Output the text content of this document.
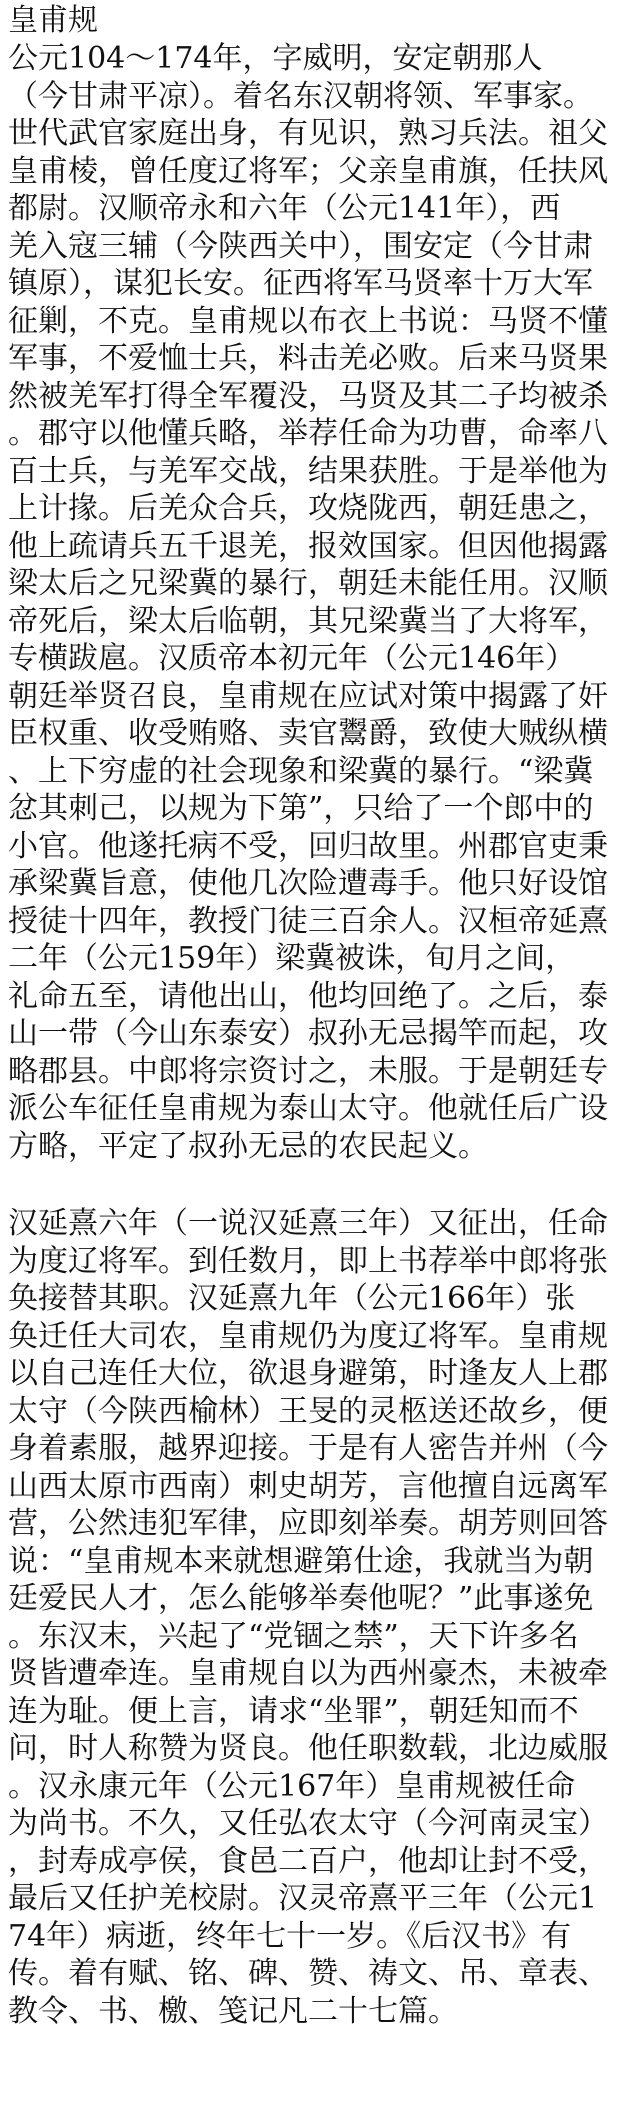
皇甫规
公元104～174年，字威明，安定朝那人
（今甘肃平凉）。着名东汉朝将领、军事家。
世代武官家庭出身，有见识，熟习兵法。祖父
皇甫棱，曾任度辽将军；父亲皇甫旗，任扶风
都尉。汉顺帝永和六年（公元141年），西
羌入寇三辅（今陕西关中），围安定（今甘肃
镇原），谋犯长安。征西将军马贤率十万大军
征剿，不克。皇甫规以布衣上书说：马贤不懂
军事，不爱恤士兵，料击羌必败。后来马贤果
然被羌军打得全军覆没，马贤及其二子均被杀
。郡守以他懂兵略，举荐任命为功曹，命率八
百士兵，与羌军交战，结果获胜。于是举他为
上计掾。后羌众合兵，攻烧陇西，朝廷患之，
他上疏请兵五千退羌，报效国家。但因他揭露
梁太后之兄梁冀的暴行，朝廷未能任用。汉顺
帝死后，梁太后临朝，其兄梁冀当了大将军，
专横跋扈。汉质帝本初元年（公元146年）
朝廷举贤召良，皇甫规在应试对策中揭露了奸
臣权重、收受贿赂、卖官鬻爵，致使大贼纵横
、上下穷虚的社会现象和梁冀的暴行。“梁冀
忿其刺己，以规为下第”，只给了一个郎中的
小官。他遂托病不受，回归故里。州郡官吏秉
承梁冀旨意，使他几次险遭毒手。他只好设馆
授徒十四年，教授门徒三百余人。汉桓帝延熹
二年（公元159年）梁冀被诛，旬月之间，
礼命五至，请他出山，他均回绝了。之后，泰
山一带（今山东泰安）叔孙无忌揭竿而起，攻
略郡县。中郎将宗资讨之，未服。于是朝廷专
派公车征任皇甫规为泰山太守。他就任后广设
方略，平定了叔孙无忌的农民起义。
汉延熹六年（一说汉延熹三年）又征出，任命
为度辽将军。到任数月，即上书荐举中郎将张
奂接替其职。汉延熹九年（公元166年）张
奂迁任大司农，皇甫规仍为度辽将军。皇甫规
以自己连任大位，欲退身避第，时逢友人上郡
太守（今陕西榆林）王旻的灵柩送还故乡，便
身着素服，越界迎接。于是有人密告并州（今
山西太原市西南）刺史胡芳，言他擅自远离军
营，公然违犯军律，应即刻举奏。胡芳则回答
说：“皇甫规本来就想避第仕途，我就当为朝
廷爱民人才，怎么能够举奏他呢？”此事遂免
。东汉末，兴起了“党锢之禁”，天下许多名
贤皆遭牵连。皇甫规自以为西州豪杰，未被牵
连为耻。便上言，请求“坐罪”，朝廷知而不
问，时人称赞为贤良。他任职数载，北边威服
。汉永康元年（公元167年）皇甫规被任命
为尚书。不久，又任弘农太守（今河南灵宝）
，封寿成亭侯，食邑二百户，他却让封不受，
最后又任护羌校尉。汉灵帝熹平三年（公元1
74年）病逝，终年七十一岁。《后汉书》有
传。着有赋、铭、碑、赞、祷文、吊、章表、
教令、书、檄、笺记凡二十七篇。
